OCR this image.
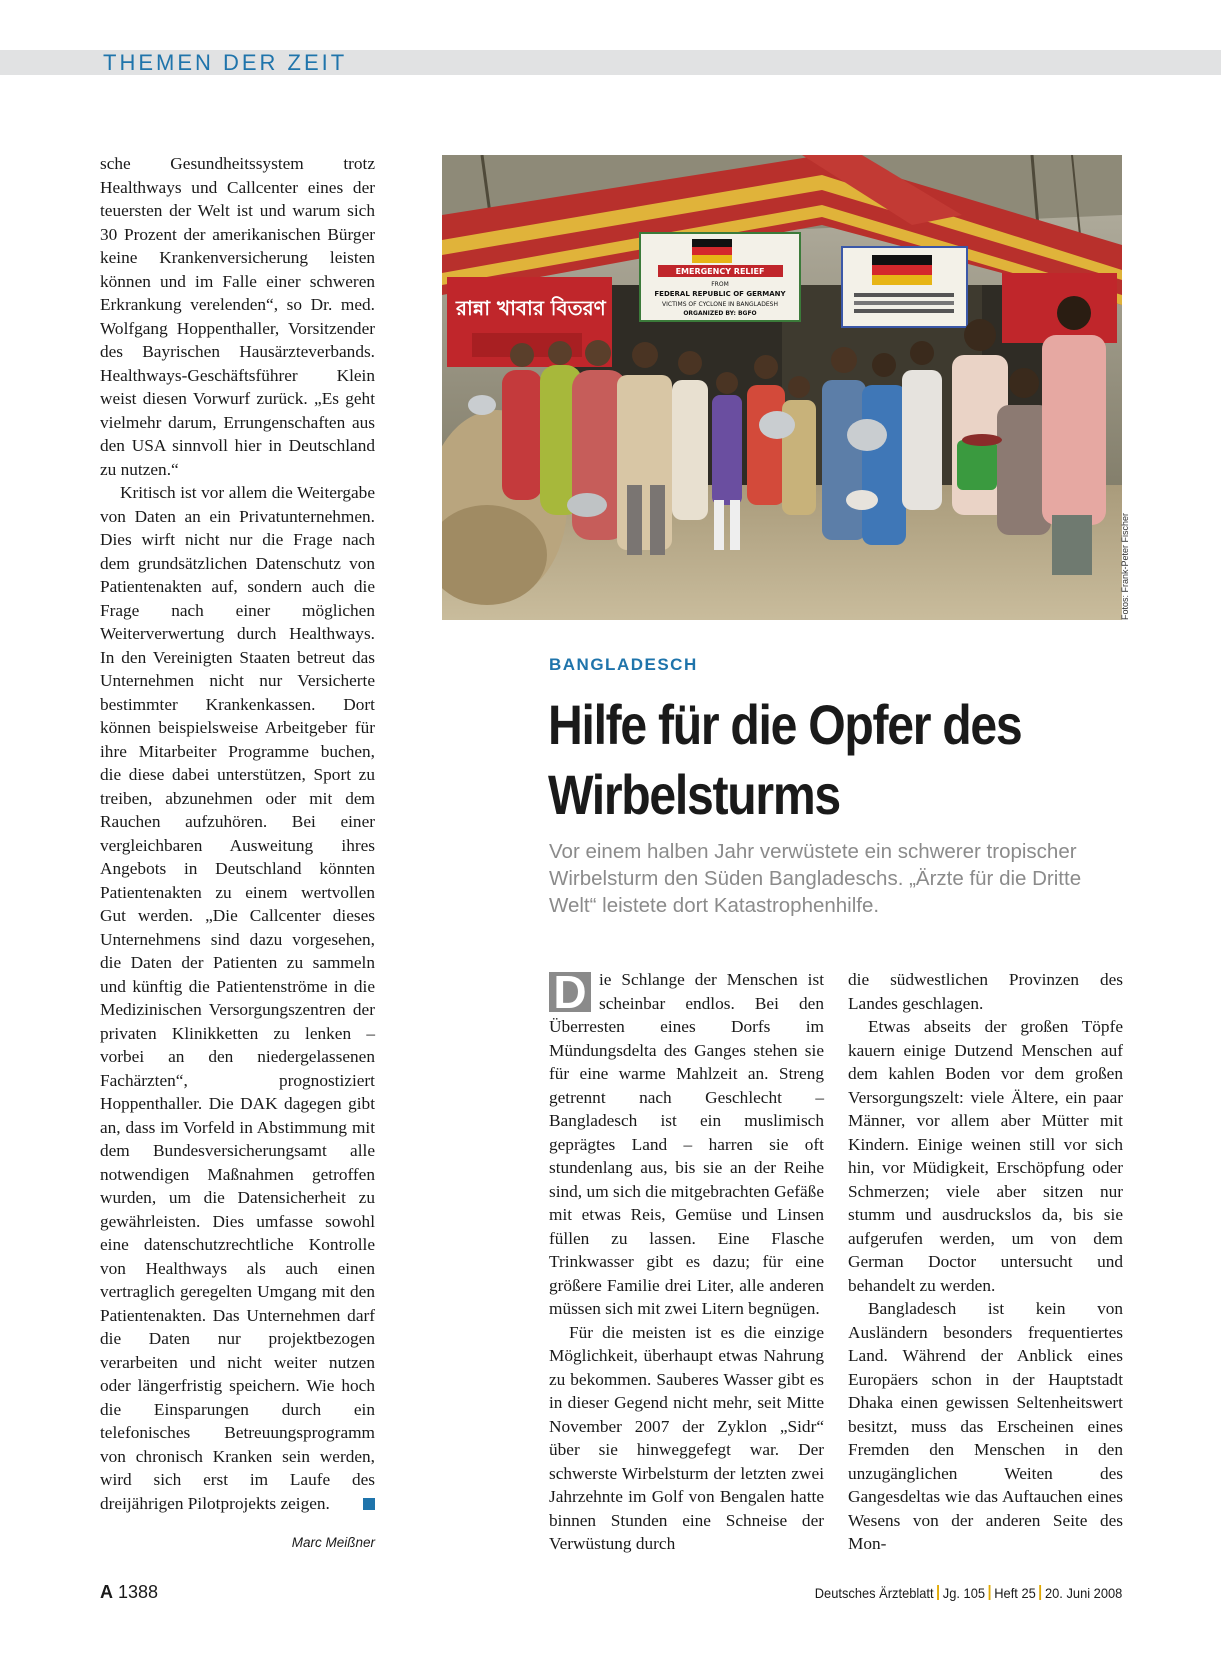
THEMEN DER ZEIT

sche Gesundheitssystem trotz Healthways und Callcenter eines der teuersten der Welt ist und warum sich 30 Prozent der amerikanischen Bürger keine Krankenversicherung leisten können und im Falle einer schweren Erkrankung verelenden“, so Dr. med. Wolfgang Hoppenthaller, Vorsitzender des Bayrischen Hausärzteverbands. Healthways-Geschäftsführer Klein weist diesen Vorwurf zurück. „Es geht vielmehr darum, Errungenschaften aus den USA sinnvoll hier in Deutschland zu nutzen.“

Kritisch ist vor allem die Weitergabe von Daten an ein Privatunternehmen. Dies wirft nicht nur die Frage nach dem grundsätzlichen Datenschutz von Patientenakten auf, sondern auch die Frage nach einer möglichen Weiterverwertung durch Healthways. In den Vereinigten Staaten betreut das Unternehmen nicht nur Versicherte bestimmter Krankenkassen. Dort können beispielsweise Arbeitgeber für ihre Mitarbeiter Programme buchen, die diese dabei unterstützen, Sport zu treiben, abzunehmen oder mit dem Rauchen aufzuhören. Bei einer vergleichbaren Ausweitung ihres Angebots in Deutschland könnten Patientenakten zu einem wertvollen Gut werden. „Die Callcenter dieses Unternehmens sind dazu vorgesehen, die Daten der Patienten zu sammeln und künftig die Patientenströme in die Medizinischen Versorgungszentren der privaten Klinikketten zu lenken – vorbei an den niedergelassenen Fachärzten“, prognostiziert Hoppenthaller. Die DAK dagegen gibt an, dass im Vorfeld in Abstimmung mit dem Bundesversicherungsamt alle notwendigen Maßnahmen getroffen wurden, um die Datensicherheit zu gewährleisten. Dies umfasse sowohl eine datenschutzrechtliche Kontrolle von Healthways als auch einen vertraglich geregelten Umgang mit den Patientenakten. Das Unternehmen darf die Daten nur projektbezogen verarbeiten und nicht weiter nutzen oder längerfristig speichern. Wie hoch die Einsparungen durch ein telefonisches Betreuungsprogramm von chronisch Kranken sein werden, wird sich erst im Laufe des dreijährigen Pilotprojekts zeigen.

Marc Meißner
রান্না খাবার বিতরণ
EMERGENCY RELIEF
FROM
FEDERAL REPUBLIC OF GERMANY
VICTIMS OF CYCLONE IN BANGLADESH
ORGANIZED BY: BGFO
Fotos: Frank-Peter Fischer
BANGLADESCH
Hilfe für die Opfer des Wirbelsturms
Vor einem halben Jahr verwüstete ein schwerer tropischer Wirbelsturm den Süden Bangladeschs. „Ärzte für die Dritte Welt“ leistete dort Katastrophenhilfe.

D ie Schlange der Menschen ist scheinbar endlos. Bei den Überresten eines Dorfs im Mündungsdelta des Ganges stehen sie für eine warme Mahlzeit an. Streng getrennt nach Geschlecht – Bangladesch ist ein muslimisch geprägtes Land – harren sie oft stundenlang aus, bis sie an der Reihe sind, um sich die mitgebrachten Gefäße mit etwas Reis, Gemüse und Linsen füllen zu lassen. Eine Flasche Trinkwasser gibt es dazu; für eine größere Familie drei Liter, alle anderen müssen sich mit zwei Litern begnügen.

Für die meisten ist es die einzige Möglichkeit, überhaupt etwas Nahrung zu bekommen. Sauberes Wasser gibt es in dieser Gegend nicht mehr, seit Mitte November 2007 der Zyklon „Sidr“ über sie hinweggefegt war. Der schwerste Wirbelsturm der letzten zwei Jahrzehnte im Golf von Bengalen hatte binnen Stunden eine Schneise der Verwüstung durch

die südwestlichen Provinzen des Landes geschlagen.

Etwas abseits der großen Töpfe kauern einige Dutzend Menschen auf dem kahlen Boden vor dem großen Versorgungszelt: viele Ältere, ein paar Männer, vor allem aber Mütter mit Kindern. Einige weinen still vor sich hin, vor Müdigkeit, Erschöpfung oder Schmerzen; viele aber sitzen nur stumm und ausdruckslos da, bis sie aufgerufen werden, um von dem German Doctor untersucht und behandelt zu werden.

Bangladesch ist kein von Ausländern besonders frequentiertes Land. Während der Anblick eines Europäers schon in der Hauptstadt Dhaka einen gewissen Seltenheitswert besitzt, muss das Erscheinen eines Fremden den Menschen in den unzugänglichen Weiten des Gangesdeltas wie das Auftauchen eines Wesens von der anderen Seite des Mon-

A 1388	Deutsches Ärzteblatt Jg. 105 Heft 25 20. Juni 2008
